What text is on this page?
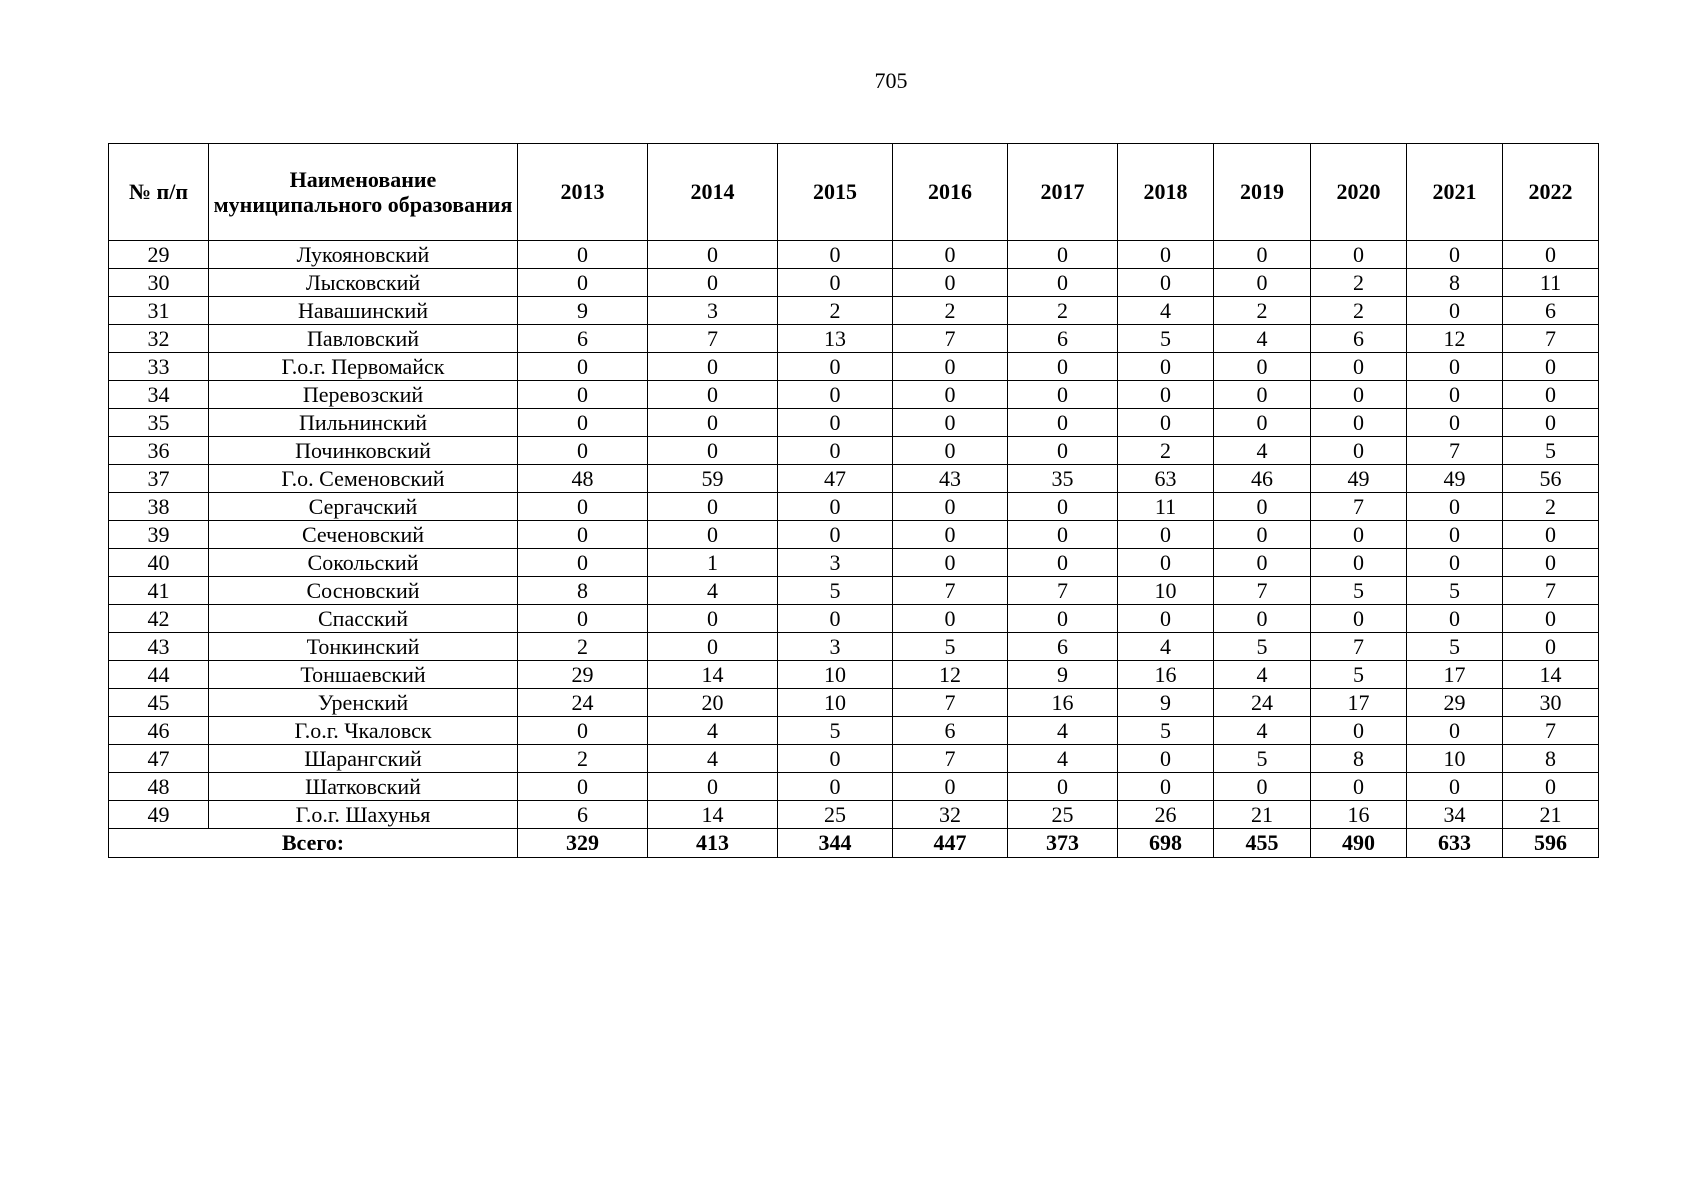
705
№ п/п	Наименование муниципального образования	2013	2014	2015	2016	2017	2018	2019	2020	2021	2022
29	Лукояновский	0	0	0	0	0	0	0	0	0	0
30	Лысковский	0	0	0	0	0	0	0	2	8	11
31	Навашинский	9	3	2	2	2	4	2	2	0	6
32	Павловский	6	7	13	7	6	5	4	6	12	7
33	Г.о.г. Первомайск	0	0	0	0	0	0	0	0	0	0
34	Перевозский	0	0	0	0	0	0	0	0	0	0
35	Пильнинский	0	0	0	0	0	0	0	0	0	0
36	Починковский	0	0	0	0	0	2	4	0	7	5
37	Г.о. Семеновский	48	59	47	43	35	63	46	49	49	56
38	Сергачский	0	0	0	0	0	11	0	7	0	2
39	Сеченовский	0	0	0	0	0	0	0	0	0	0
40	Сокольский	0	1	3	0	0	0	0	0	0	0
41	Сосновский	8	4	5	7	7	10	7	5	5	7
42	Спасский	0	0	0	0	0	0	0	0	0	0
43	Тонкинский	2	0	3	5	6	4	5	7	5	0
44	Тоншаевский	29	14	10	12	9	16	4	5	17	14
45	Уренский	24	20	10	7	16	9	24	17	29	30
46	Г.о.г. Чкаловск	0	4	5	6	4	5	4	0	0	7
47	Шарангский	2	4	0	7	4	0	5	8	10	8
48	Шатковский	0	0	0	0	0	0	0	0	0	0
49	Г.о.г. Шахунья	6	14	25	32	25	26	21	16	34	21
Всего:		329	413	344	447	373	698	455	490	633	596
